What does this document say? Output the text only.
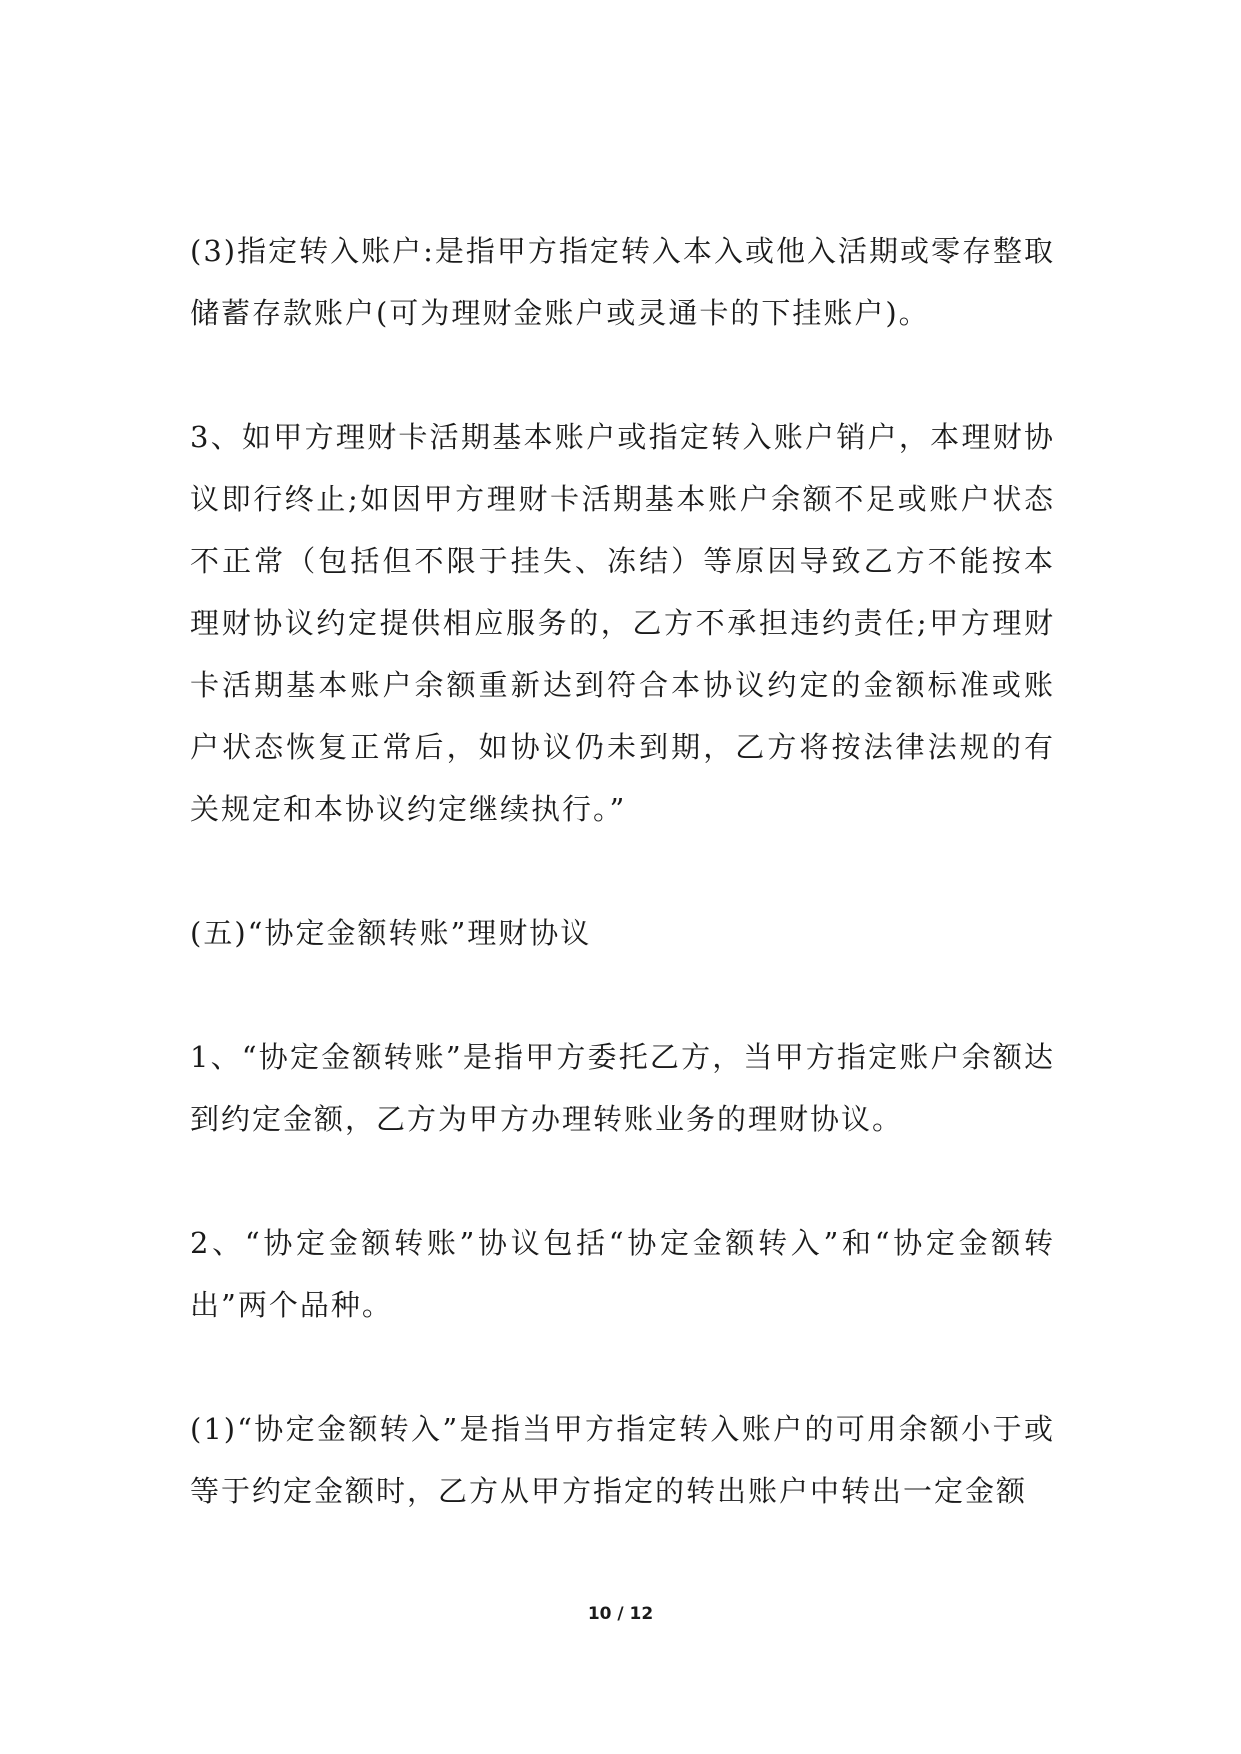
(3)指定转入账户:是指甲方指定转入本入或他入活期或零存整取储蓄存款账户(可为理财金账户或灵通卡的下挂账户)。

3、如甲方理财卡活期基本账户或指定转入账户销户，本理财协议即行终止;如因甲方理财卡活期基本账户余额不足或账户状态不正常（包括但不限于挂失、冻结）等原因导致乙方不能按本理财协议约定提供相应服务的，乙方不承担违约责任;甲方理财卡活期基本账户余额重新达到符合本协议约定的金额标准或账户状态恢复正常后，如协议仍未到期，乙方将按法律法规的有关规定和本协议约定继续执行。”

(五)“协定金额转账”理财协议

1、“协定金额转账”是指甲方委托乙方，当甲方指定账户余额达到约定金额，乙方为甲方办理转账业务的理财协议。

2、“协定金额转账”协议包括“协定金额转入”和“协定金额转出”两个品种。

(1)“协定金额转入”是指当甲方指定转入账户的可用余额小于或等于约定金额时，乙方从甲方指定的转出账户中转出一定金额

10 / 12
